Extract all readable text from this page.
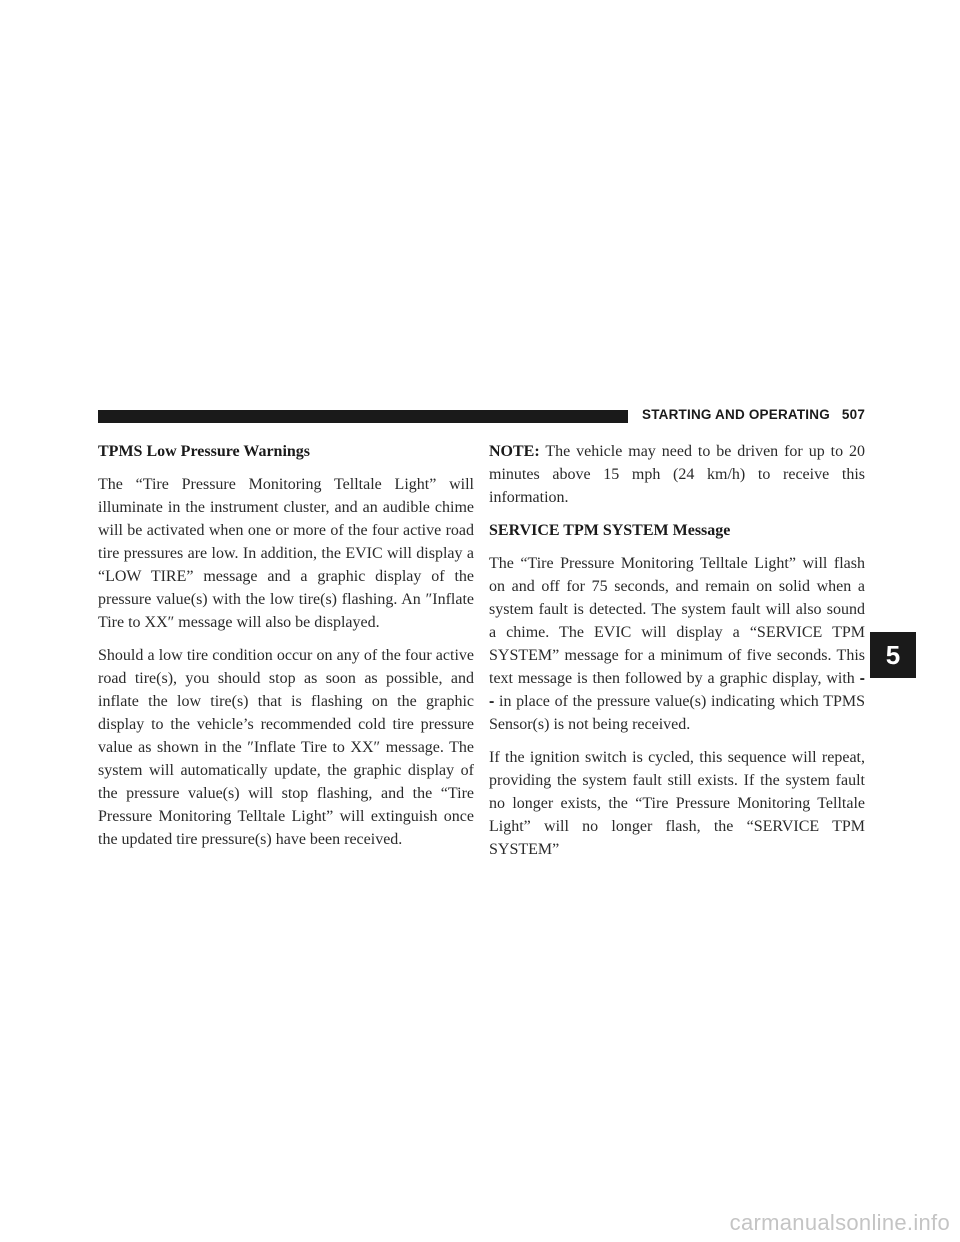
STARTING AND OPERATING 507
TPMS Low Pressure Warnings

The “Tire Pressure Monitoring Telltale Light” will illuminate in the instrument cluster, and an audible chime will be activated when one or more of the four active road tire pressures are low. In addition, the EVIC will display a “LOW TIRE” message and a graphic display of the pressure value(s) with the low tire(s) flashing. An ″Inflate Tire to XX″ message will also be displayed.

Should a low tire condition occur on any of the four active road tire(s), you should stop as soon as possible, and inflate the low tire(s) that is flashing on the graphic display to the vehicle’s recommended cold tire pressure value as shown in the ″Inflate Tire to XX″ message. The system will automatically update, the graphic display of the pressure value(s) will stop flashing, and the “Tire Pressure Monitoring Telltale Light” will extinguish once the updated tire pressure(s) have been received.

NOTE: The vehicle may need to be driven for up to 20 minutes above 15 mph (24 km/h) to receive this information.

SERVICE TPM SYSTEM Message

The “Tire Pressure Monitoring Telltale Light” will flash on and off for 75 seconds, and remain on solid when a system fault is detected. The system fault will also sound a chime. The EVIC will display a “SERVICE TPM SYSTEM” message for a minimum of five seconds. This text message is then followed by a graphic display, with - - in place of the pressure value(s) indicating which TPMS Sensor(s) is not being received.

If the ignition switch is cycled, this sequence will repeat, providing the system fault still exists. If the system fault no longer exists, the “Tire Pressure Monitoring Telltale Light” will no longer flash, the “SERVICE TPM SYSTEM”

5
carmanualsonline.info
